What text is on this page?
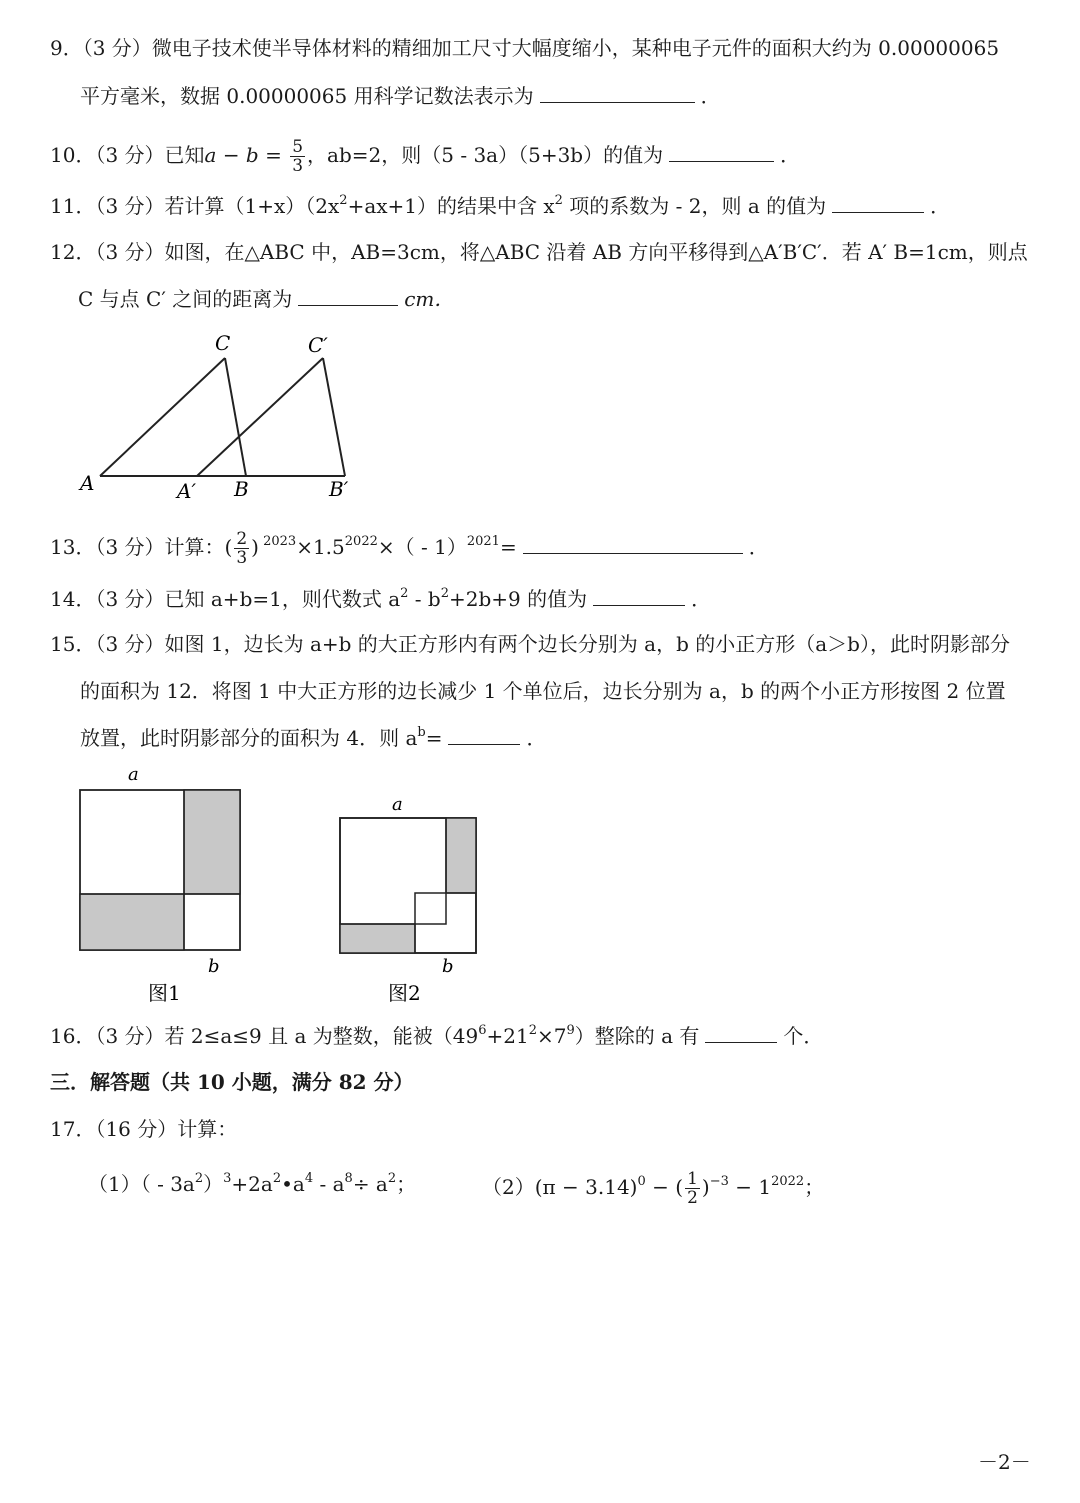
9．（3 分）微电子技术使半导体材料的精细加工尺寸大幅度缩小，某种电子元件的面积大约为 0.00000065
平方毫米，数据 0.00000065 用科学记数法表示为	．
10．（3 分）已知$a - b = \frac{5}{3}$ ，ab=2，则（5 - 3a）（5+3b）的值为	．
11．（3 分）若计算$(1+x)(2x^2+ax+1)$的结果中含 $x^2$ 项的系数为 - 2，则 a 的值为	．
12．（3 分）如图，在△ABC 中，AB=3cm，将△ABC 沿着 AB 方向平移得到△A′B′C′．若 A′ B=1cm，则点
C 与点 C′ 之间的距离为	cm．
C	C′
A	A′ B	B′
13．（3 分）计算：( $\frac{2}{3}$ ) $^{2023}\times 1.5^{2022}\times( - 1)^{2021}=$	．
14．（3 分）已知 a+b=1，则代数式 $a^2 - b^2+2b+9$ 的值为	．
15．（3 分）如图 1，边长为 a+b 的大正方形内有两个边长分别为 a，b 的小正方形（a＞b），此时阴影部分
的面积为 12．将图 1 中大正方形的边长减少 1 个单位后，边长分别为 a，b 的两个小正方形按图 2 位置
放置，此时阴影部分的面积为 4．则 $a^b=$	．
a
b
图1
a
b
图2
16．（3 分）若 2≤a≤9 且 a 为整数，能被$(49^6+21^2\times 7^9)$整除的 a 有	个．
三．解答题（共 10 小题，满分 82 分）
17．（16 分）计算：
$(1)( - 3a^2)^3+2a^2•a^4 - a^8\div a^2$；	$(2)(\pi - 3.14)^0$ − ( $\frac{1}{2} )^{-3} - 1^{2022}$；
－2－
